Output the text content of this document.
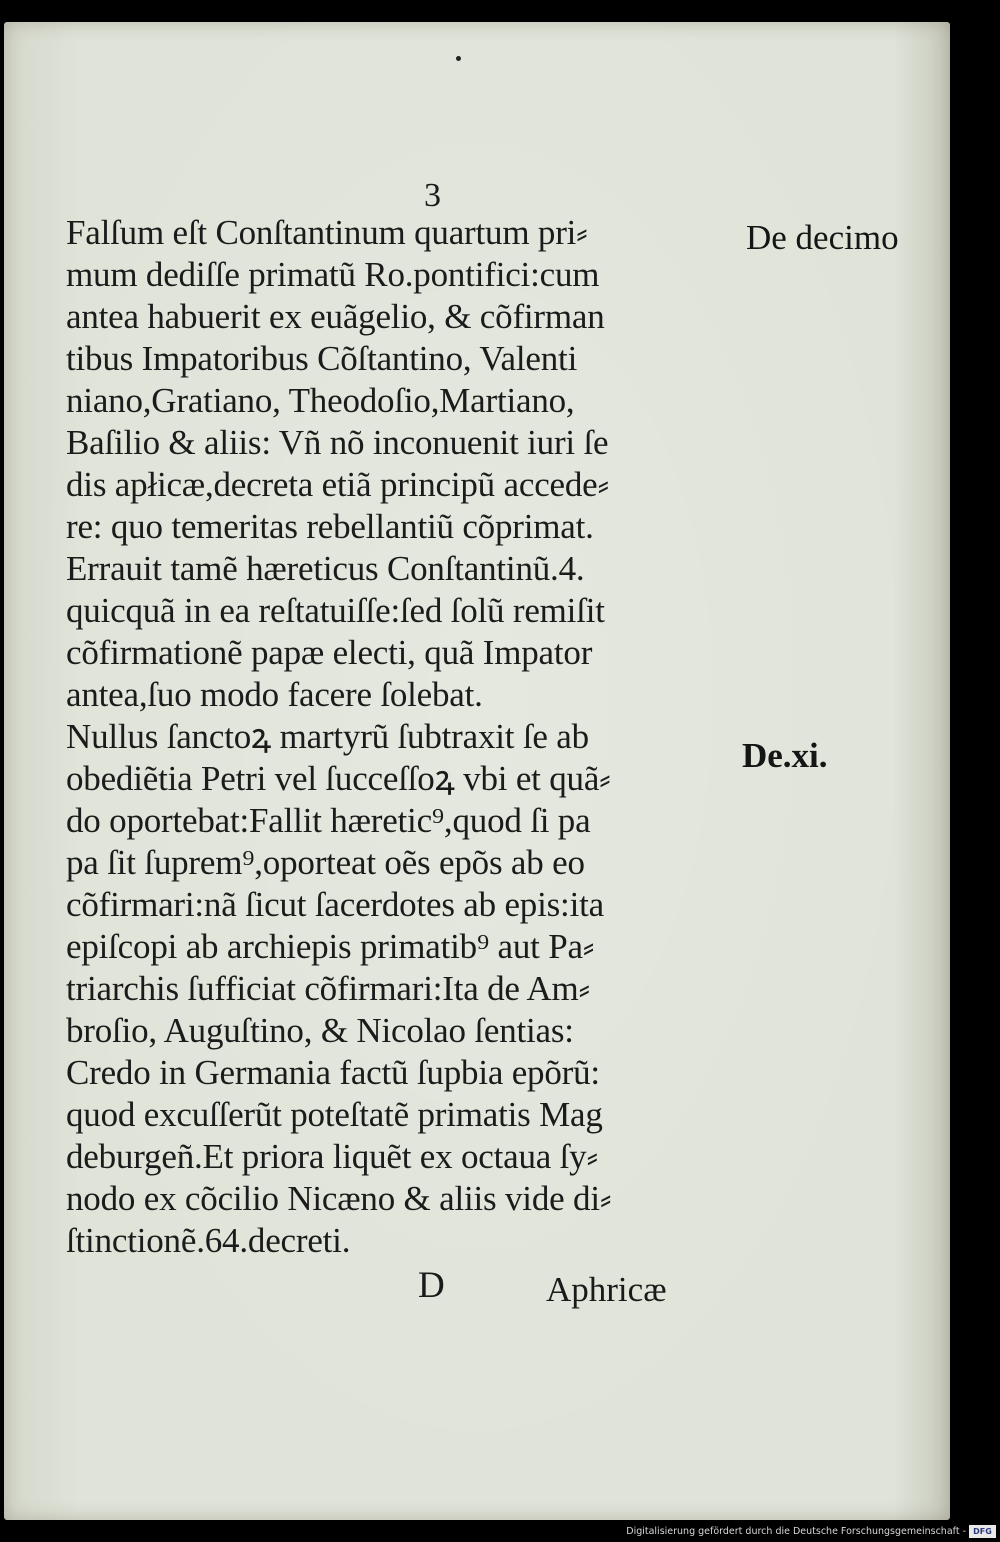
3
Falſum eſt Conſtantinum quartum pri⸗
mum dediſſe primatũ Ro.pontifici:cum
antea habuerit ex euãgelio, & cõfirman
tibus Impatoribus Cõſtantino, Valenti
niano,Gratiano, Theodoſio,Martiano,
Baſilio & aliis: Vñ nõ inconuenit iuri ſe
dis apłicæ,decreta etiã principũ accede⸗
re: quo temeritas rebellantiũ cõprimat.
Errauit tamẽ hæreticus Conſtantinũ.4.
quicquã in ea reſtatuiſſe:ſed ſolũ remiſit
cõfirmationẽ papæ electi, quã Impator
antea,ſuo modo facere ſolebat.
Nullus ſanctoꝝ martyrũ ſubtraxit ſe ab
obediẽtia Petri vel ſucceſſoꝝ vbi et quã⸗
do oportebat:Fallit hæretic⁹,quod ſi pa
pa ſit ſuprem⁹,oporteat oẽs epõs ab eo
cõfirmari:nã ſicut ſacerdotes ab epis:ita
epiſcopi ab archiepis primatib⁹ aut Pa⸗
triarchis ſufficiat cõfirmari:Ita de Am⸗
broſio, Auguſtino, & Nicolao ſentias:
Credo in Germania factũ ſupbia epõrũ:
quod excuſſerũt poteſtatẽ primatis Mag
deburgeñ.Et priora liquẽt ex octaua ſy⸗
nodo ex cõcilio Nicæno & aliis vide di⸗
ſtinctionẽ.64.decreti.
De decimo
De.xi.
D	Aphricæ
Digitalisierung gefördert durch die Deutsche Forschungsgemeinschaft - DFG
